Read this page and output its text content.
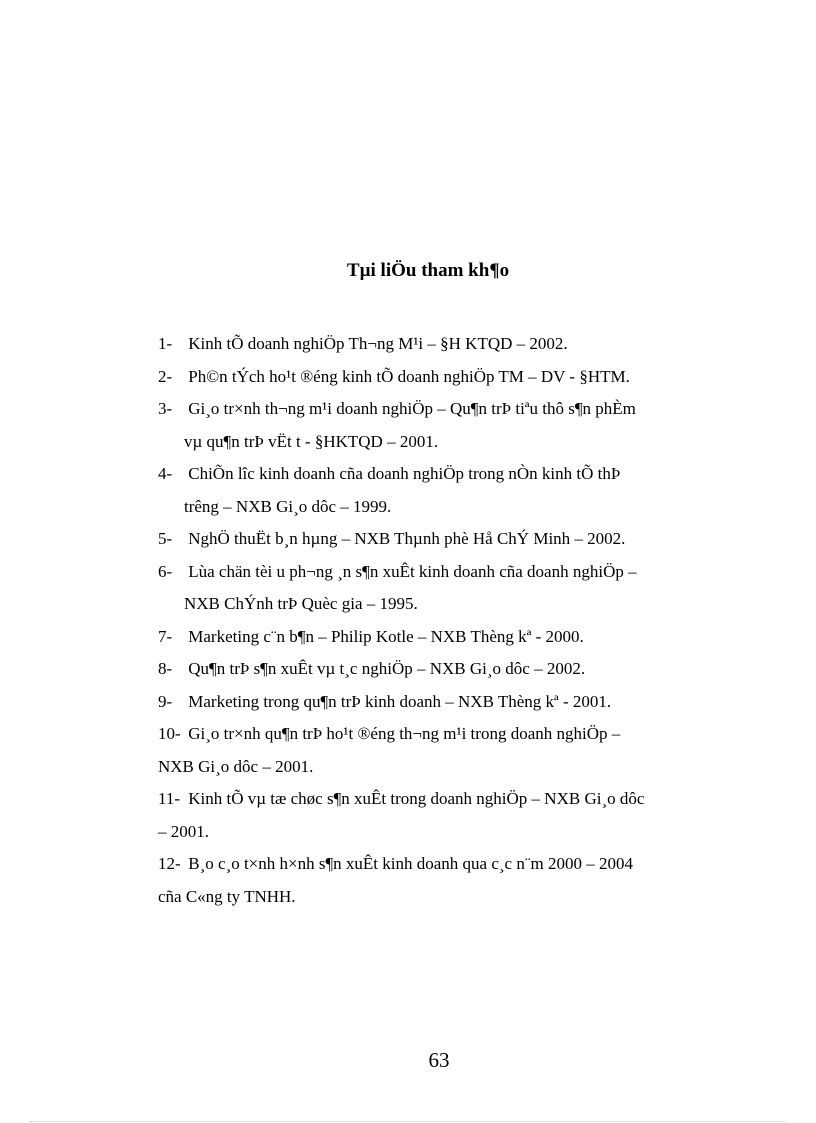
Tµi liÖu tham kh¶o
1- Kinh tÕ doanh nghiÖp Th¬ng M¹i – §H KTQD – 2002.
2- Ph©n tÝch ho¹t ®éng kinh tÕ doanh nghiÖp TM – DV - §HTM.
3- Gi¸o tr×nh th¬ng m¹i doanh nghiÖp – Qu¶n trÞ tiªu thô s¶n phÈm
vµ qu¶n trÞ vËt t - §HKTQD – 2001.
4- ChiÕn lîc kinh doanh cña doanh nghiÖp trong nÒn kinh tÕ thÞ
trêng – NXB Gi¸o dôc – 1999.
5- NghÖ thuËt b¸n hµng – NXB Thµnh phè Hå ChÝ Minh – 2002.
6- Lùa chän tèi u ph¬ng ¸n s¶n xuÊt kinh doanh cña doanh nghiÖp –
NXB ChÝnh trÞ Quèc gia – 1995.
7- Marketing c¨n b¶n – Philip Kotle – NXB Thèng kª - 2000.
8- Qu¶n trÞ s¶n xuÊt vµ t¸c nghiÖp – NXB Gi¸o dôc – 2002.
9- Marketing trong qu¶n trÞ kinh doanh – NXB Thèng kª - 2001.
10- Gi¸o tr×nh qu¶n trÞ ho¹t ®éng th¬ng m¹i trong doanh nghiÖp –
NXB Gi¸o dôc – 2001.
11- Kinh tÕ vµ tæ chøc s¶n xuÊt trong doanh nghiÖp – NXB Gi¸o dôc
– 2001.
12- B¸o c¸o t×nh h×nh s¶n xuÊt kinh doanh qua c¸c n¨m 2000 – 2004
cña C«ng ty TNHH.
63
